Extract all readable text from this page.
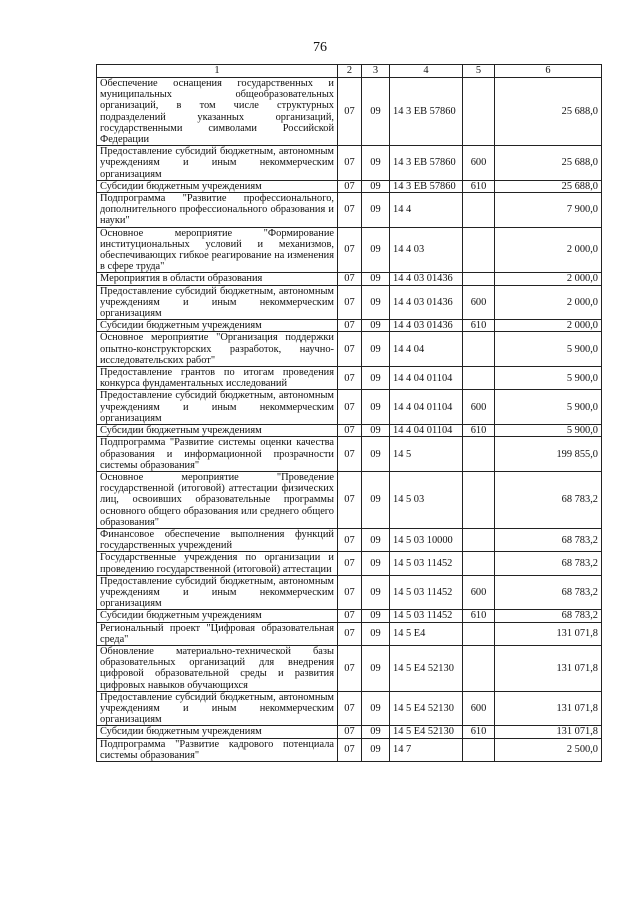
76
1	2	3	4	5	6
Обеспечение оснащения государственных и муниципальных общеобразовательных организаций, в том числе структурных подразделений указанных организаций, государственными символами Российской Федерации	07	09	14 3 ЕВ 57860		25 688,0
Предоставление субсидий бюджетным, автономным учреждениям и иным некоммерческим организациям	07	09	14 3 ЕВ 57860	600	25 688,0
Субсидии бюджетным учреждениям	07	09	14 3 ЕВ 57860	610	25 688,0
Подпрограмма "Развитие профессионального, дополнительного профессионального образования и науки"	07	09	14 4		7 900,0
Основное мероприятие "Формирование институциональных условий и механизмов, обеспечивающих гибкое реагирование на изменения в сфере труда"	07	09	14 4 03		2 000,0
Мероприятия в области образования	07	09	14 4 03 01436		2 000,0
Предоставление субсидий бюджетным, автономным учреждениям и иным некоммерческим организациям	07	09	14 4 03 01436	600	2 000,0
Субсидии бюджетным учреждениям	07	09	14 4 03 01436	610	2 000,0
Основное мероприятие "Организация поддержки опытно-конструкторских разработок, научно-исследовательских работ"	07	09	14 4 04		5 900,0
Предоставление грантов по итогам проведения конкурса фундаментальных исследований	07	09	14 4 04 01104		5 900,0
Предоставление субсидий бюджетным, автономным учреждениям и иным некоммерческим организациям	07	09	14 4 04 01104	600	5 900,0
Субсидии бюджетным учреждениям	07	09	14 4 04 01104	610	5 900,0
Подпрограмма "Развитие системы оценки качества образования и информационной прозрачности системы образования"	07	09	14 5		199 855,0
Основное мероприятие "Проведение государственной (итоговой) аттестации физических лиц, освоивших образовательные программы основного общего образования или среднего общего образования"	07	09	14 5 03		68 783,2
Финансовое обеспечение выполнения функций государственных учреждений	07	09	14 5 03 10000		68 783,2
Государственные учреждения по организации и проведению государственной (итоговой) аттестации	07	09	14 5 03 11452		68 783,2
Предоставление субсидий бюджетным, автономным учреждениям и иным некоммерческим организациям	07	09	14 5 03 11452	600	68 783,2
Субсидии бюджетным учреждениям	07	09	14 5 03 11452	610	68 783,2
Региональный проект "Цифровая образовательная среда"	07	09	14 5 Е4		131 071,8
Обновление материально-технической базы образовательных организаций для внедрения цифровой образовательной среды и развития цифровых навыков обучающихся	07	09	14 5 Е4 52130		131 071,8
Предоставление субсидий бюджетным, автономным учреждениям и иным некоммерческим организациям	07	09	14 5 Е4 52130	600	131 071,8
Субсидии бюджетным учреждениям	07	09	14 5 Е4 52130	610	131 071,8
Подпрограмма "Развитие кадрового потенциала системы образования"	07	09	14 7		2 500,0
